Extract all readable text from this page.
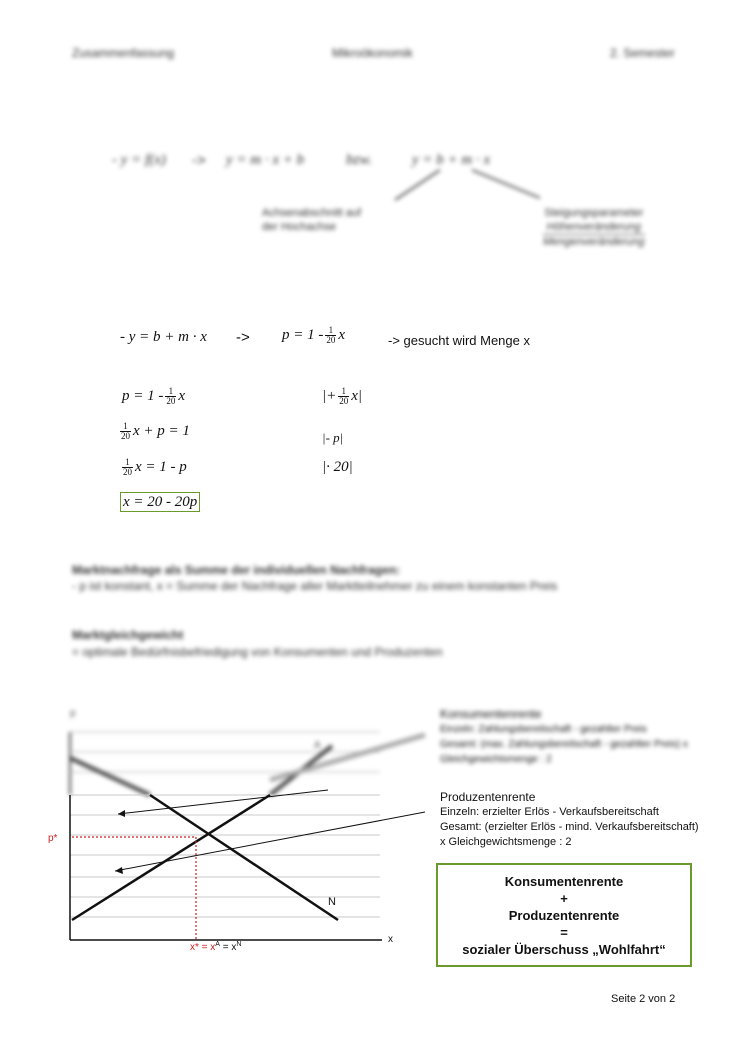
Zusammenfassung	Mikroökonomik	2. Semester
- y = f(x) -> y = m · x + b	bzw.	y = b + m · x
Achsenabschnitt auf
der Hochachse
Steigungsparameter
Höhenveränderung
Mengenveränderung
- $y = b + m \cdot x -> p = 1 - \frac{1}{20}$ x	-> gesucht wird Menge x
$p = 1 - \frac{1}{20}$ x	|+ $\frac{1}{20} x|$
$\frac{1}{20}$ x + p = 1	|- p|
$\frac{1}{20}$ x = 1 - p	|· 20|
x = 20 - 20p
Marktnachfrage als Summe der individuellen Nachfragen:
- p ist konstant, x = Summe der Nachfrage aller Marktteilnehmer zu einem konstanten Preis
Marktgleichgewicht
= optimale Bedürfnisbefriedigung von Konsumenten und Produzenten
p
A
p*
N
x
$x* = x^A = x^N$
Konsumentenrente
Einzeln: Zahlungsbereitschaft - gezahlter Preis
Gesamt: (max. Zahlungsbereitschaft - gezahlter Preis) x
Gleichgewichtsmenge : 2
Produzentenrente
Einzeln: erzielter Erlös - Verkaufsbereitschaft
Gesamt: (erzielter Erlös - mind. Verkaufsbereitschaft)
x Gleichgewichtsmenge : 2
Konsumentenrente
+
Produzentenrente
=
sozialer Überschuss „Wohlfahrt“
Seite 2 von 2
